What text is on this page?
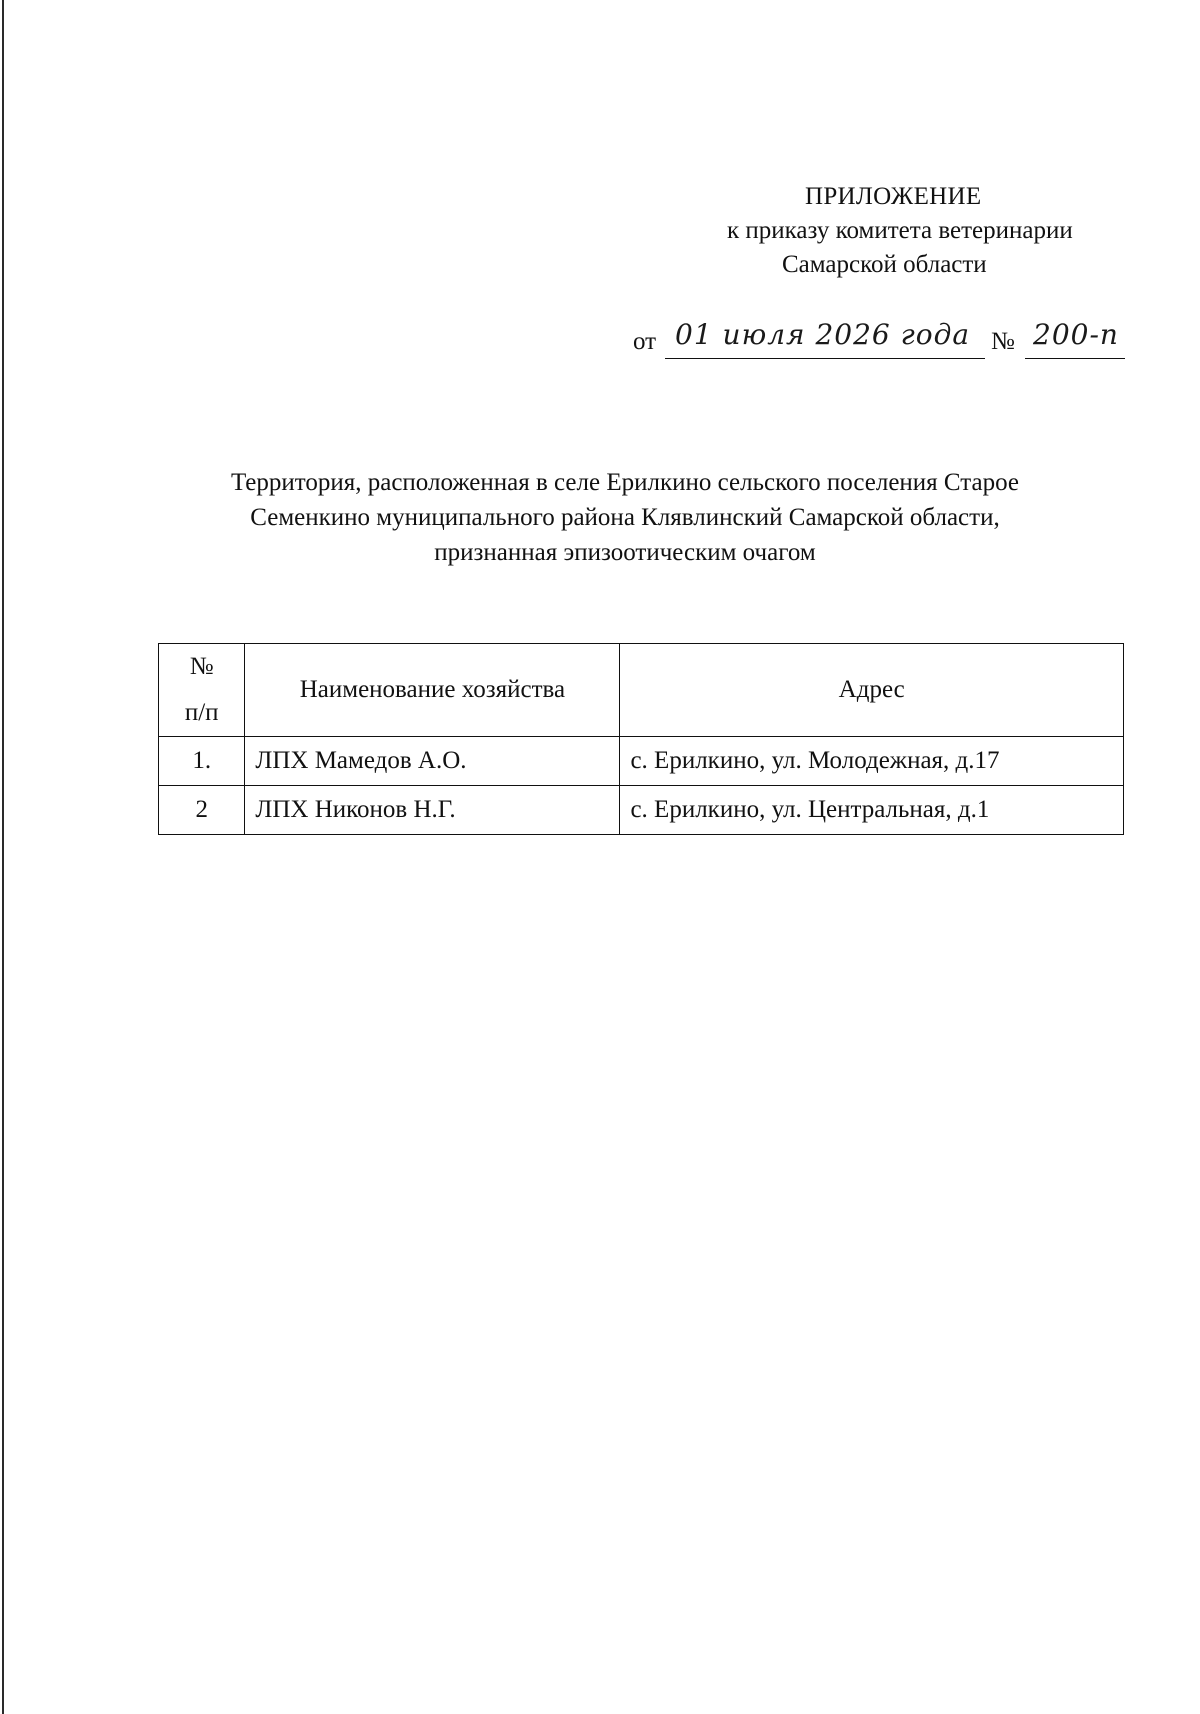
ПРИЛОЖЕНИЕ
к приказу комитета ветеринарии
Самарской области
от 01 июля 2026 года № 200-п
Территория, расположенная в селе Ерилкино сельского поселения Старое
Семенкино муниципального района Клявлинский Самарской области,
признанная эпизоотическим очагом
№
п/п	Наименование хозяйства	Адрес
1.	ЛПХ Мамедов А.О.	с. Ерилкино, ул. Молодежная, д.17
2	ЛПХ Никонов Н.Г.	с. Ерилкино, ул. Центральная, д.1
